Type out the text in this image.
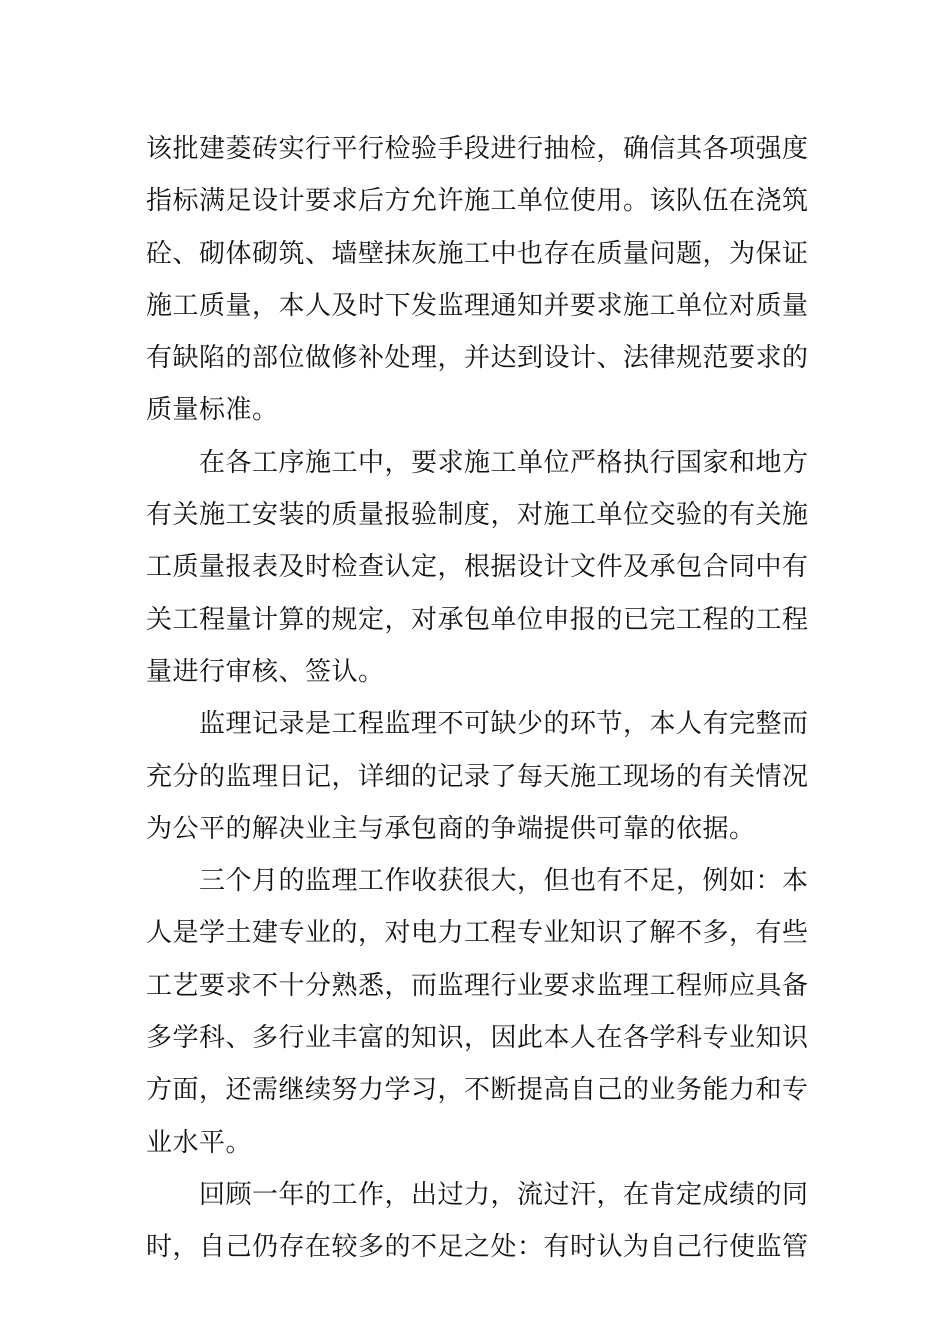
该批建菱砖实行平行检验手段进行抽检，确信其各项强度
指标满足设计要求后方允许施工单位使用。该队伍在浇筑
砼、砌体砌筑、墙壁抹灰施工中也存在质量问题，为保证
施工质量，本人及时下发监理通知并要求施工单位对质量
有缺陷的部位做修补处理，并达到设计、法律规范要求的
质量标准。
在各工序施工中，要求施工单位严格执行国家和地方
有关施工安装的质量报验制度，对施工单位交验的有关施
工质量报表及时检查认定，根据设计文件及承包合同中有
关工程量计算的规定，对承包单位申报的已完工程的工程
量进行审核、签认。
监理记录是工程监理不可缺少的环节，本人有完整而
充分的监理日记，详细的记录了每天施工现场的有关情况
为公平的解决业主与承包商的争端提供可靠的依据。
三个月的监理工作收获很大，但也有不足，例如：本
人是学土建专业的，对电力工程专业知识了解不多，有些
工艺要求不十分熟悉，而监理行业要求监理工程师应具备
多学科、多行业丰富的知识，因此本人在各学科专业知识
方面，还需继续努力学习，不断提高自己的业务能力和专
业水平。
回顾一年的工作，出过力，流过汗，在肯定成绩的同
时，自己仍存在较多的不足之处：有时认为自己行使监管
